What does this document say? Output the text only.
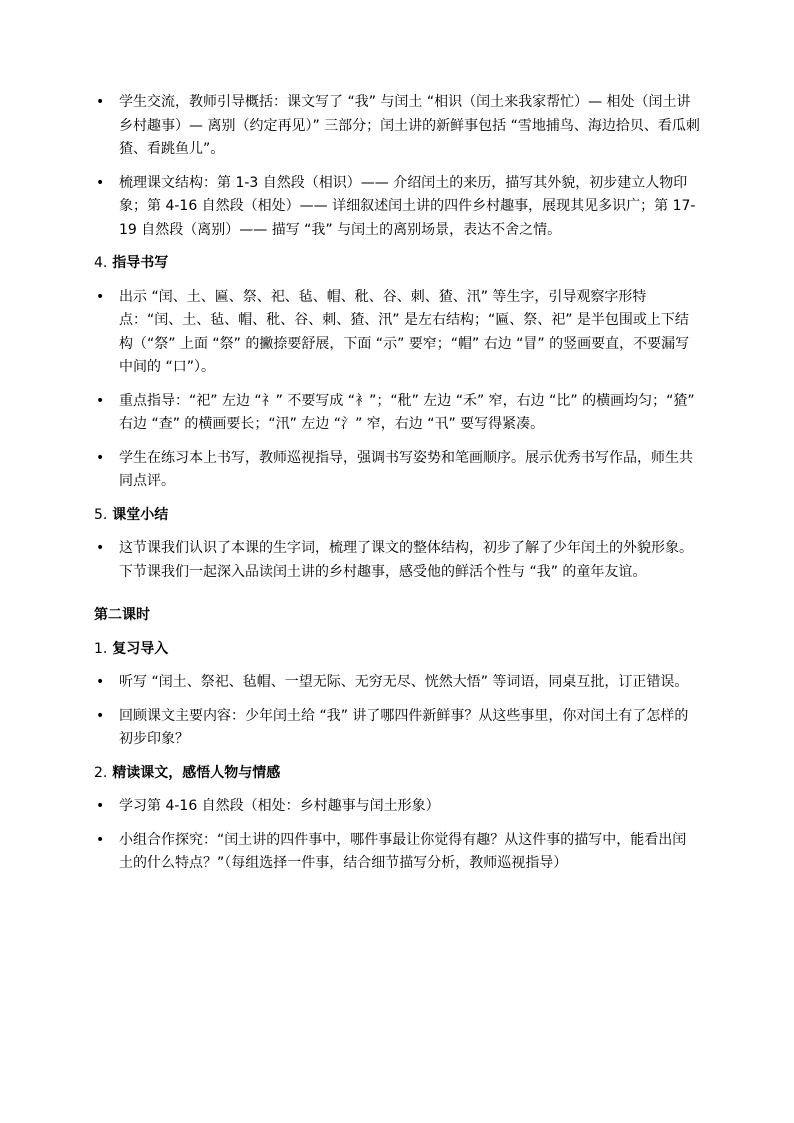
• 学生交流，教师引导概括：课文写了 “我” 与闰土 “相识（闰土来我家帮忙）— 相处（闰土讲乡村趣事）— 离别（约定再见）” 三部分；闰土讲的新鲜事包括 “雪地捕鸟、海边拾贝、看瓜刺猹、看跳鱼儿”。
• 梳理课文结构：第 1-3 自然段（相识）—— 介绍闰土的来历，描写其外貌，初步建立人物印象；第 4-16 自然段（相处）—— 详细叙述闰土讲的四件乡村趣事，展现其见多识广；第 17-19 自然段（离别）—— 描写 “我” 与闰土的离别场景，表达不舍之情。
4. 指导书写
• 出示 “闰、土、匾、祭、祀、毡、帽、秕、谷、刺、猹、汛” 等生字，引导观察字形特点：“闰、土、毡、帽、秕、谷、刺、猹、汛” 是左右结构；“匾、祭、祀” 是半包围或上下结构（“祭” 上面 “祭” 的撇捺要舒展，下面 “示” 要窄；“帽” 右边 “冒” 的竖画要直，不要漏写中间的 “口”）。
• 重点指导：“祀” 左边 “礻” 不要写成 “衤”；“秕” 左边 “禾” 窄，右边 “比” 的横画均匀；“猹” 右边 “查” 的横画要长；“汛” 左边 “氵” 窄，右边 “卂” 要写得紧凑。
• 学生在练习本上书写，教师巡视指导，强调书写姿势和笔画顺序。展示优秀书写作品，师生共同点评。
5. 课堂小结
• 这节课我们认识了本课的生字词，梳理了课文的整体结构，初步了解了少年闰土的外貌形象。下节课我们一起深入品读闰土讲的乡村趣事，感受他的鲜活个性与 “我” 的童年友谊。
第二课时
1. 复习导入
• 听写 “闰土、祭祀、毡帽、一望无际、无穷无尽、恍然大悟” 等词语，同桌互批，订正错误。
• 回顾课文主要内容：少年闰土给 “我” 讲了哪四件新鲜事？从这些事里，你对闰土有了怎样的初步印象？
2. 精读课文，感悟人物与情感
• 学习第 4-16 自然段（相处：乡村趣事与闰土形象）
• 小组合作探究：“闰土讲的四件事中，哪件事最让你觉得有趣？从这件事的描写中，能看出闰土的什么特点？”（每组选择一件事，结合细节描写分析，教师巡视指导）
